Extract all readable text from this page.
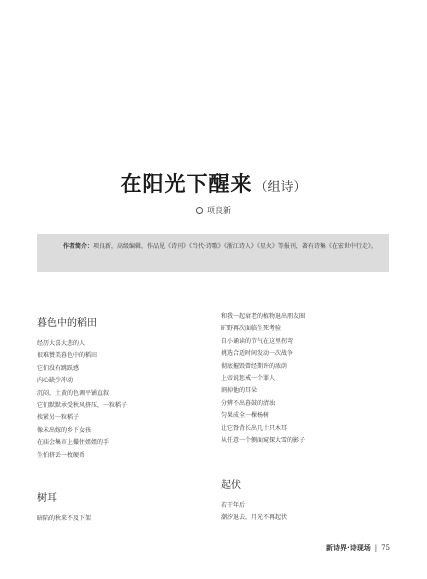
在阳光下醒来 （组诗）
项良新
作者简介：项良新，高级编辑，作品见《诗刊》《当代·诗歌》《浙江诗人》《星火》等报刊，著有诗集《在宏世中行走》。
暮色中的稻田
经历大喜大悲的人
很难赞美暮色中的稻田
它们没有跳跃感
内心缺少冲动
沉闷，土黄的色调平铺直叙
它们默默承受秋风挤压，一粒稻子
挨紧另一粒稻子
像未出嫁的乡下女孩
在庙会集市上攥住姐姐的手
生怕挤丢一枚硬币
树耳
暗陷的秋来不及下架
和我一起衰老的植物退出朋友圈
旷野再次面临生死考验
自小诵读的节气在这里拐弯
挑选合适时间发动一次战争
彻底摧毁曾经期许的浓荫
上帝说惩戒一个罪人
割掉他的耳朵
分辨不出暮鼓的清浊
匀果成全一棵杨树
让它脊背长出几十只木耳
从任意一个侧面窥探大雪的影子
起伏
若干年后
潮汐退去，月光不再起伏
新诗界·诗现场 | 75
